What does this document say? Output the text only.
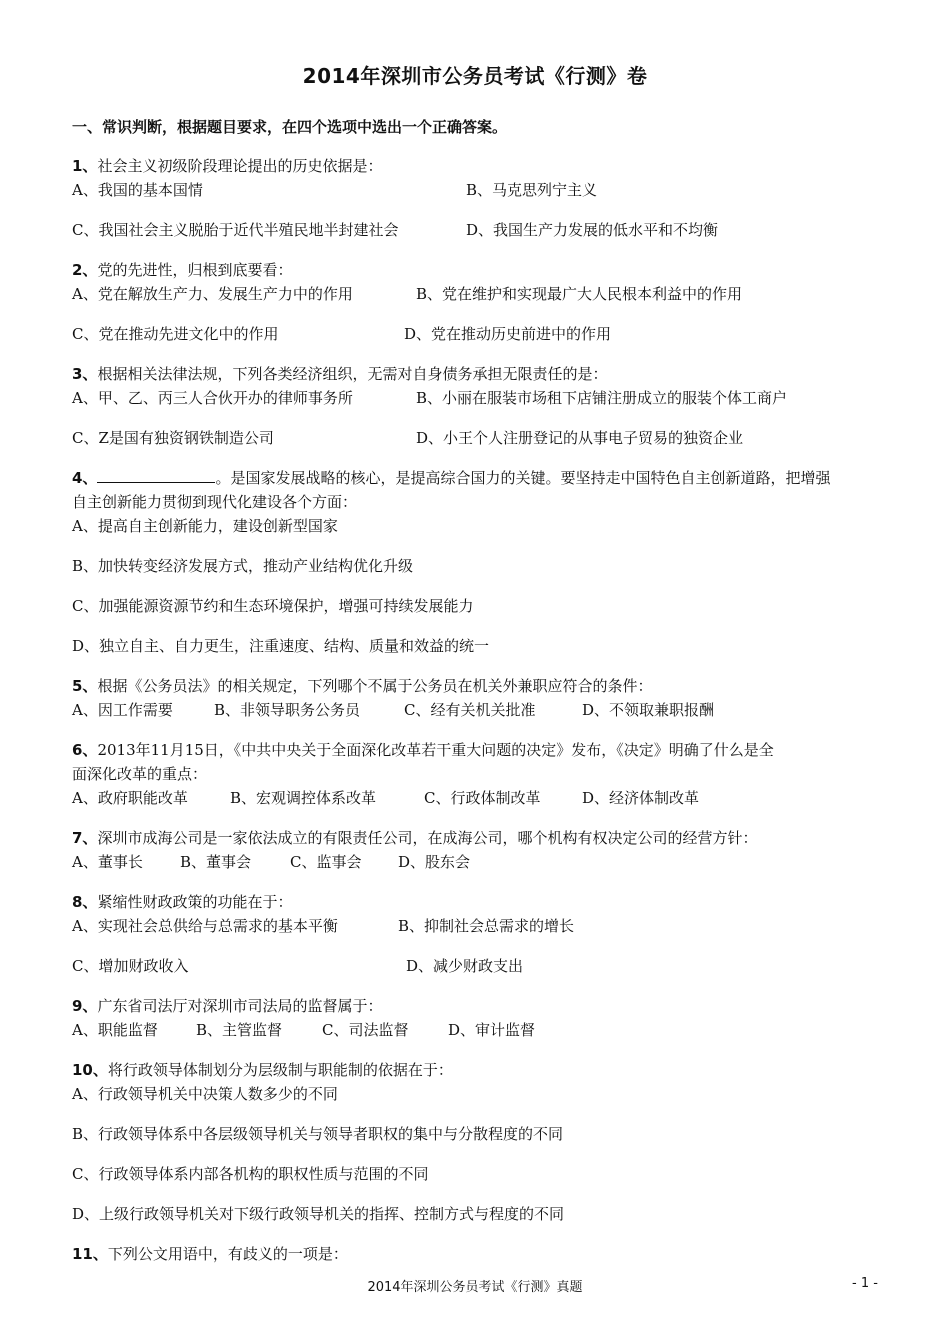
2014年深圳市公务员考试《行测》卷
一、常识判断，根据题目要求，在四个选项中选出一个正确答案。
1、社会主义初级阶段理论提出的历史依据是：
A、我国的基本国情	B、马克思列宁主义
C、我国社会主义脱胎于近代半殖民地半封建社会	D、我国生产力发展的低水平和不均衡
2、党的先进性，归根到底要看：
A、党在解放生产力、发展生产力中的作用	B、党在维护和实现最广大人民根本利益中的作用
C、党在推动先进文化中的作用	D、党在推动历史前进中的作用
3、根据相关法律法规，下列各类经济组织，无需对自身债务承担无限责任的是：
A、甲、乙、丙三人合伙开办的律师事务所	B、小丽在服装市场租下店铺注册成立的服装个体工商户
C、Z是国有独资钢铁制造公司	D、小王个人注册登记的从事电子贸易的独资企业
4、	。是国家发展战略的核心，是提高综合国力的关键。要坚持走中国特色自主创新道路，把增强
自主创新能力贯彻到现代化建设各个方面：
A、提高自主创新能力，建设创新型国家
B、加快转变经济发展方式，推动产业结构优化升级
C、加强能源资源节约和生态环境保护，增强可持续发展能力
D、独立自主、自力更生，注重速度、结构、质量和效益的统一
5、根据《公务员法》的相关规定，下列哪个不属于公务员在机关外兼职应符合的条件：
A、因工作需要	B、非领导职务公务员	C、经有关机关批准	D、不领取兼职报酬
6、2013年11月15日，《中共中央关于全面深化改革若干重大问题的决定》发布，《决定》明确了什么是全
面深化改革的重点：
A、政府职能改革	B、宏观调控体系改革	C、行政体制改革	D、经济体制改革
7、深圳市成海公司是一家依法成立的有限责任公司，在成海公司，哪个机构有权决定公司的经营方针：
A、董事长 B、董事会	C、监事会 D、股东会
8、紧缩性财政政策的功能在于：
A、实现社会总供给与总需求的基本平衡	B、抑制社会总需求的增长
C、增加财政收入	D、减少财政支出
9、广东省司法厅对深圳市司法局的监督属于：
A、职能监督	B、主管监督	C、司法监督	D、审计监督
10、将行政领导体制划分为层级制与职能制的依据在于：
A、行政领导机关中决策人数多少的不同
B、行政领导体系中各层级领导机关与领导者职权的集中与分散程度的不同
C、行政领导体系内部各机构的职权性质与范围的不同
D、上级行政领导机关对下级行政领导机关的指挥、控制方式与程度的不同
11、下列公文用语中，有歧义的一项是：
2014年深圳公务员考试《行测》真题	- 1 -
